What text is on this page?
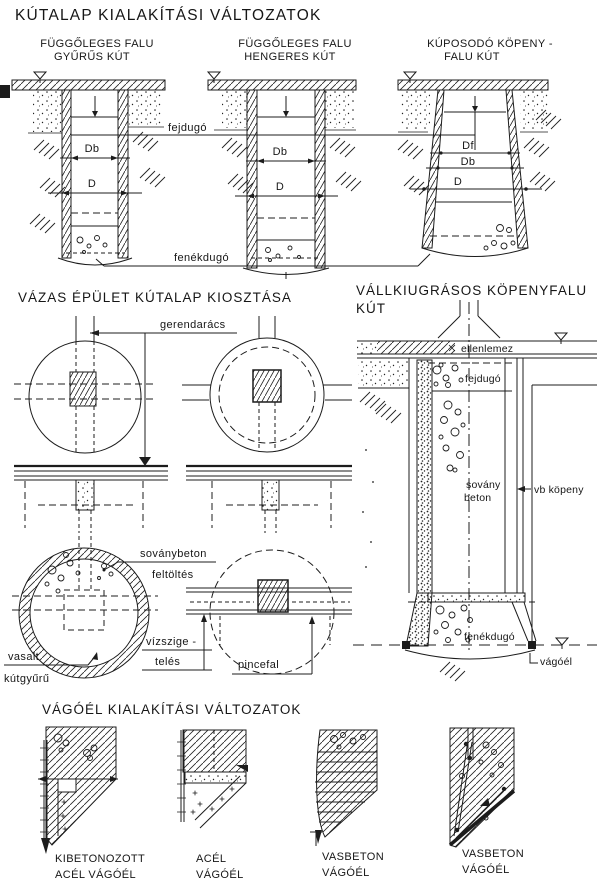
KÚTALAP KIALAKÍTÁSI VÁLTOZATOK
FÜGGŐLEGES FALU
GYŰRŰS KÚT
FÜGGŐLEGES FALU
HENGERES KÚT
KÚPOSODÓ KÖPENY -
FALU KÚT
Db
D
Db
D
Df
Db
D
fejdugó
fenékdugó
VÁZAS ÉPÜLET KÚTALAP KIOSZTÁSA
gerendarács
soványbeton
feltöltés
vasalt
kútgyűrű
vízszige -
telés	pincefal
VÁLLKIUGRÁSOS KÖPENYFALU
KÚT
ellenlemez
fejdugó
sovány
beton
vb köpeny
fenékdugó
vágóél
VÁGÓÉL KIALAKÍTÁSI VÁLTOZATOK
KIBETONOZOTT
ACÉL VÁGÓÉL
ACÉL
VÁGÓÉL
VASBETON
VÁGÓÉL
VASBETON
VÁGÓÉL
